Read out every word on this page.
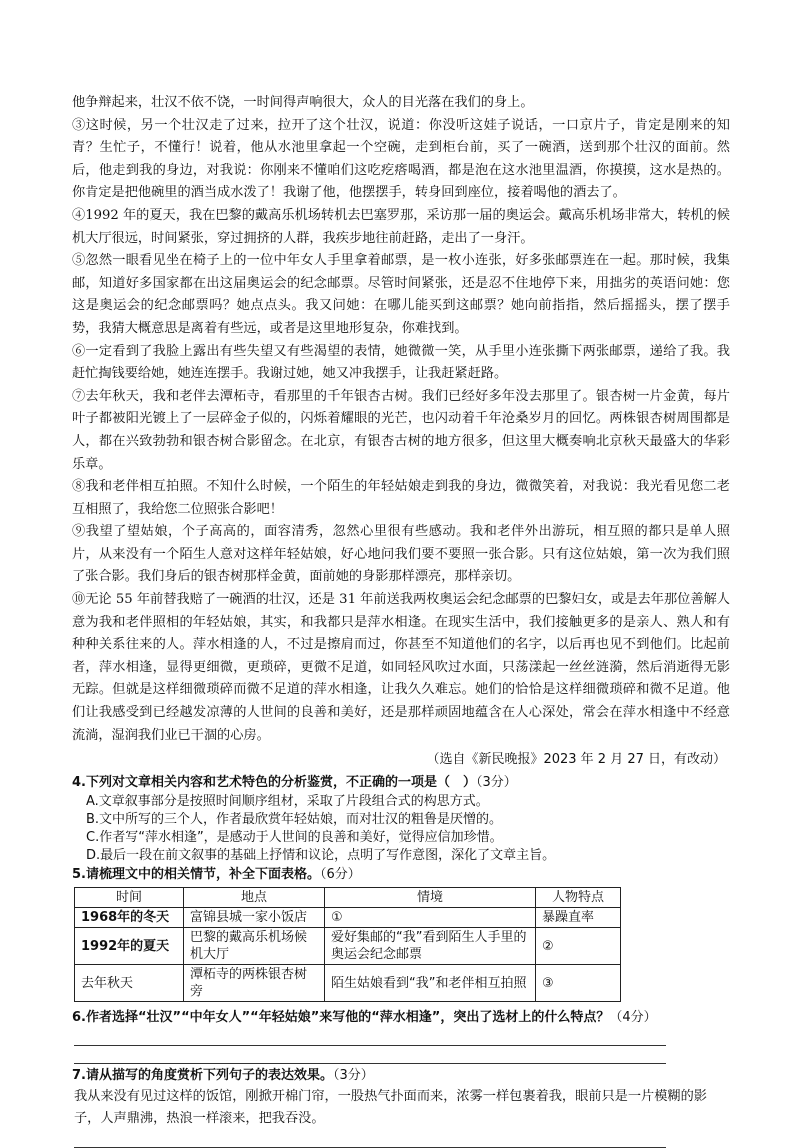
他争辩起来，壮汉不依不饶，一时间得声响很大，众人的目光落在我们的身上。

③这时候，另一个壮汉走了过来，拉开了这个壮汉，说道：你没听这娃子说话，一口京片子，肯定是刚来的知青？生忙子，不懂行！说着，他从水池里拿起一个空碗，走到柜台前，买了一碗酒，送到那个壮汉的面前。然后，他走到我的身边，对我说：你刚来不懂咱们这吃疙瘩喝酒，都是泡在这水池里温酒，你摸摸，这水是热的。你肯定是把他碗里的酒当成水泼了！我谢了他，他摆摆手，转身回到座位，接着喝他的酒去了。

④1992 年的夏天，我在巴黎的戴高乐机场转机去巴塞罗那，采访那一届的奥运会。戴高乐机场非常大，转机的候机大厅很远，时间紧张，穿过拥挤的人群，我疾步地往前赶路，走出了一身汗。

⑤忽然一眼看见坐在椅子上的一位中年女人手里拿着邮票，是一枚小连张，好多张邮票连在一起。那时候，我集邮，知道好多国家都在出这届奥运会的纪念邮票。尽管时间紧张，还是忍不住地停下来，用拙劣的英语问她：您这是奥运会的纪念邮票吗？她点点头。我又问她：在哪儿能买到这邮票？她向前指指，然后摇摇头，摆了摆手势，我猜大概意思是离着有些远，或者是这里地形复杂，你难找到。

⑥一定看到了我脸上露出有些失望又有些渴望的表情，她微微一笑，从手里小连张撕下两张邮票，递给了我。我赶忙掏钱要给她，她连连摆手。我谢过她，她又冲我摆手，让我赶紧赶路。

⑦去年秋天，我和老伴去潭柘寺，看那里的千年银杏古树。我们已经好多年没去那里了。银杏树一片金黄，每片叶子都被阳光镀上了一层碎金子似的，闪烁着耀眼的光芒，也闪动着千年沧桑岁月的回忆。两株银杏树周围都是人，都在兴致勃勃和银杏树合影留念。在北京，有银杏古树的地方很多，但这里大概奏响北京秋天最盛大的华彩乐章。

⑧我和老伴相互拍照。不知什么时候，一个陌生的年轻姑娘走到我的身边，微微笑着，对我说：我光看见您二老互相照了，我给您二位照张合影吧！

⑨我望了望姑娘，个子高高的，面容清秀，忽然心里很有些感动。我和老伴外出游玩，相互照的都只是单人照片，从来没有一个陌生人意对这样年轻姑娘，好心地问我们要不要照一张合影。只有这位姑娘，第一次为我们照了张合影。我们身后的银杏树那样金黄，面前她的身影那样漂亮，那样亲切。

⑩无论 55 年前替我赔了一碗酒的壮汉，还是 31 年前送我两枚奥运会纪念邮票的巴黎妇女，或是去年那位善解人意为我和老伴照相的年轻姑娘，其实，和我都只是萍水相逢。在现实生活中，我们接触更多的是亲人、熟人和有种种关系往来的人。萍水相逢的人，不过是擦肩而过，你甚至不知道他们的名字，以后再也见不到他们。比起前者，萍水相逢，显得更细微，更琐碎，更微不足道，如同轻风吹过水面，只荡漾起一丝丝涟漪，然后消逝得无影无踪。但就是这样细微琐碎而微不足道的萍水相逢，让我久久难忘。她们的恰恰是这样细微琐碎和微不足道。他们让我感受到已经越发凉薄的人世间的良善和美好，还是那样顽固地蕴含在人心深处，常会在萍水相逢中不经意流淌，湿润我们业已干涸的心房。

（选自《新民晚报》2023 年 2 月 27 日，有改动）

4.下列对文章相关内容和艺术特色的分析鉴赏，不正确的一项是（　）（3分）

A.文章叙事部分是按照时间顺序组材，采取了片段组合式的构思方式。

B.文中所写的三个人，作者最欣赏年轻姑娘，而对壮汉的粗鲁是厌憎的。

C.作者写“萍水相逢”，是感动于人世间的良善和美好，觉得应信加珍惜。

D.最后一段在前文叙事的基础上抒情和议论，点明了写作意图，深化了文章主旨。

5.请梳理文中的相关情节，补全下面表格。（6分）

时间	地点	情境	人物特点
1968年的冬天	富锦县城一家小饭店	①	暴躁直率
1992年的夏天	巴黎的戴高乐机场候机大厅	爱好集邮的“我”看到陌生人手里的奥运会纪念邮票	②
去年秋天	潭柘寺的两株银杏树旁	陌生姑娘看到“我”和老伴相互拍照	③

6.作者选择“壮汉”“中年女人”“年轻姑娘”来写他的“萍水相逢”，突出了选材上的什么特点？（4分）

7.请从描写的角度赏析下列句子的表达效果。（3分）

我从来没有见过这样的饭馆，刚掀开棉门帘，一股热气扑面而来，浓雾一样包裹着我，眼前只是一片模糊的影子，人声鼎沸，热浪一样滚来，把我吞没。
